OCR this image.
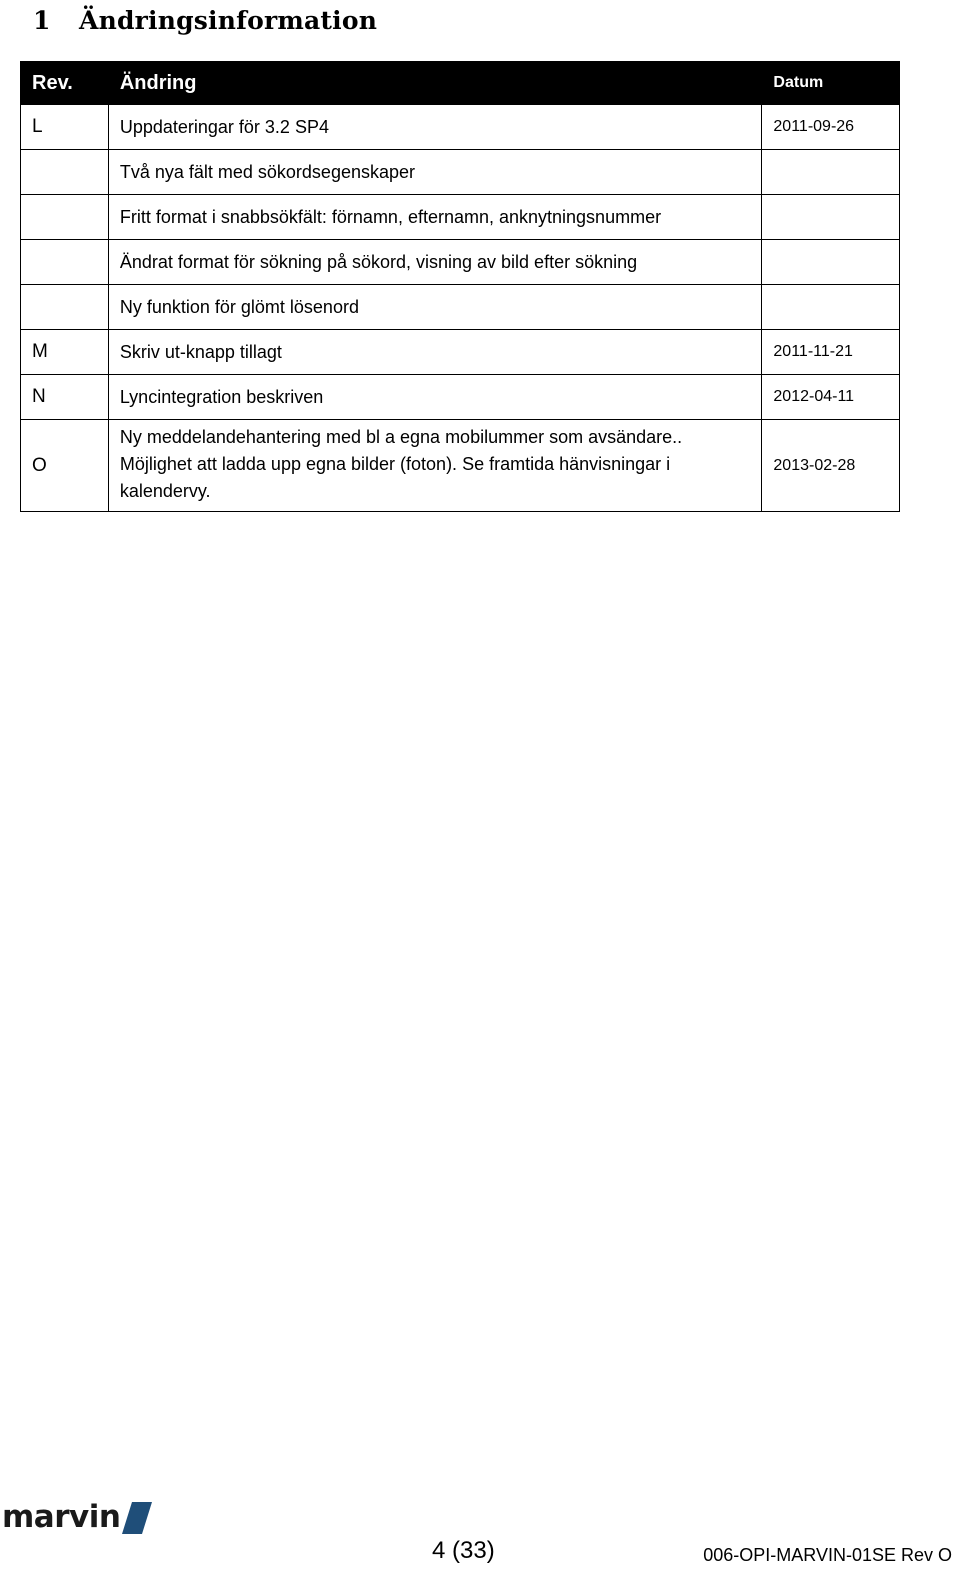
1	Ändringsinformation
Rev.	Ändring	Datum
L	Uppdateringar för 3.2 SP4	2011-09-26

	Två nya fält med sökordsegenskaper	

	Fritt format i snabbsökfält: förnamn, efternamn, anknytningsnummer	

	Ändrat format för sökning på sökord, visning av bild efter sökning	

	Ny funktion för glömt lösenord	

M	Skriv ut-knapp tillagt	2011-11-21
N	Lyncintegration beskriven	2012-04-11
O	Ny meddelandehantering med bl a egna mobilummer som avsändare..
Möjlighet att ladda upp egna bilder (foton). Se framtida hänvisningar i
kalendervy.	2013-02-28
marvin
4 (33)	006-OPI-MARVIN-01SE Rev O
